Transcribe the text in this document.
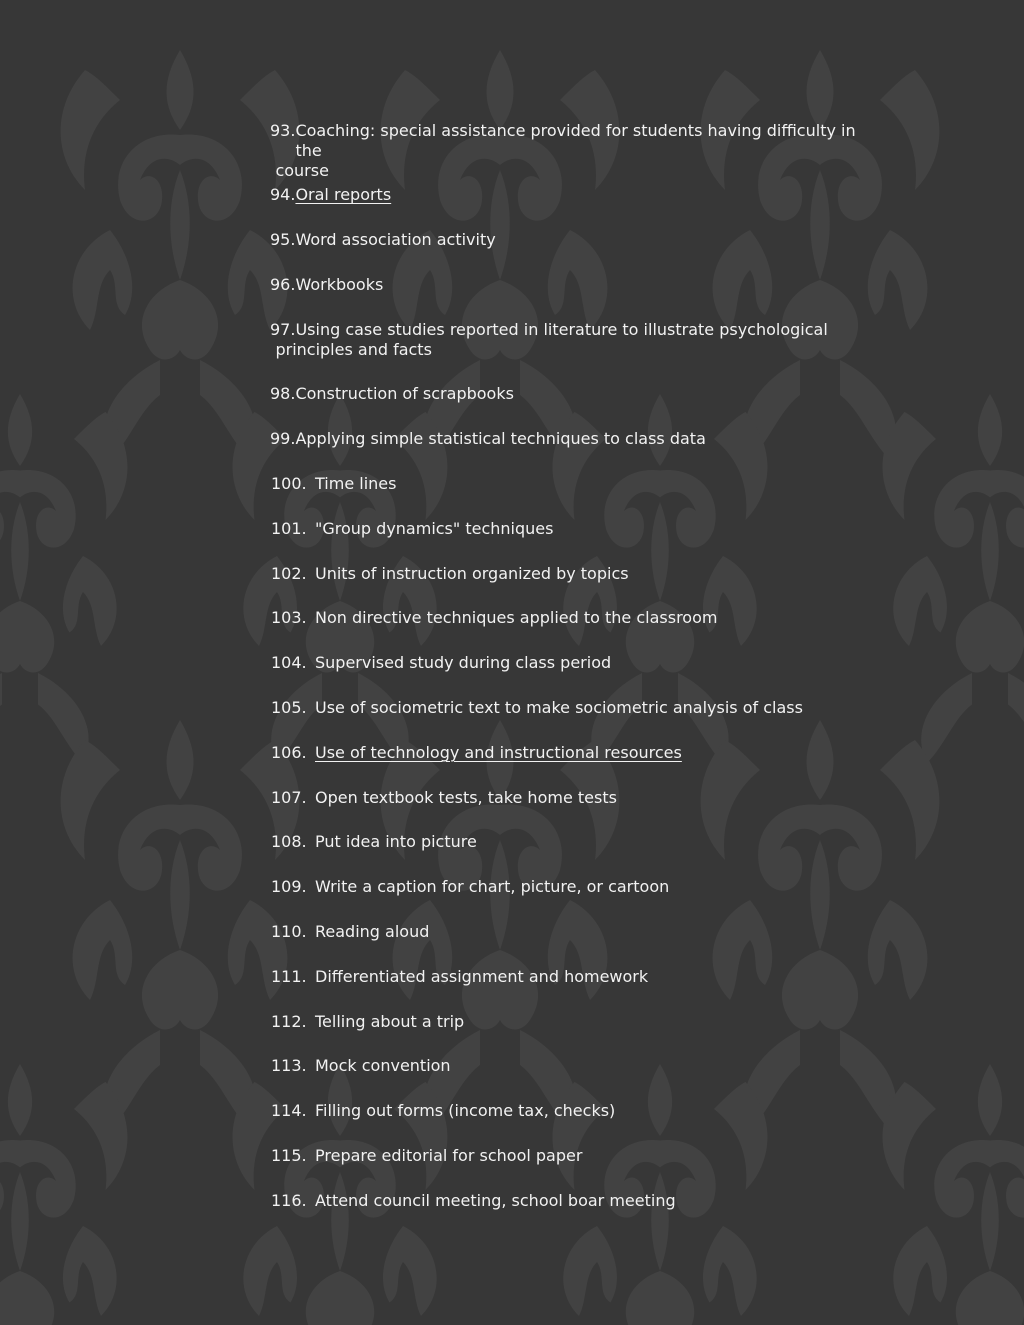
93. Coaching: special assistance provided for students having difficulty in the
course
94. Oral reports
95. Word association activity
96. Workbooks
97. Using case studies reported in literature to illustrate psychological
principles and facts
98. Construction of scrapbooks
99. Applying simple statistical techniques to class data
100. Time lines
101. "Group dynamics" techniques
102. Units of instruction organized by topics
103. Non directive techniques applied to the classroom
104. Supervised study during class period
105. Use of sociometric text to make sociometric analysis of class
106. Use of technology and instructional resources
107. Open textbook tests, take home tests
108. Put idea into picture
109. Write a caption for chart, picture, or cartoon
110. Reading aloud
111. Differentiated assignment and homework
112. Telling about a trip
113. Mock convention
114. Filling out forms (income tax, checks)
115. Prepare editorial for school paper
116. Attend council meeting, school boar meeting
